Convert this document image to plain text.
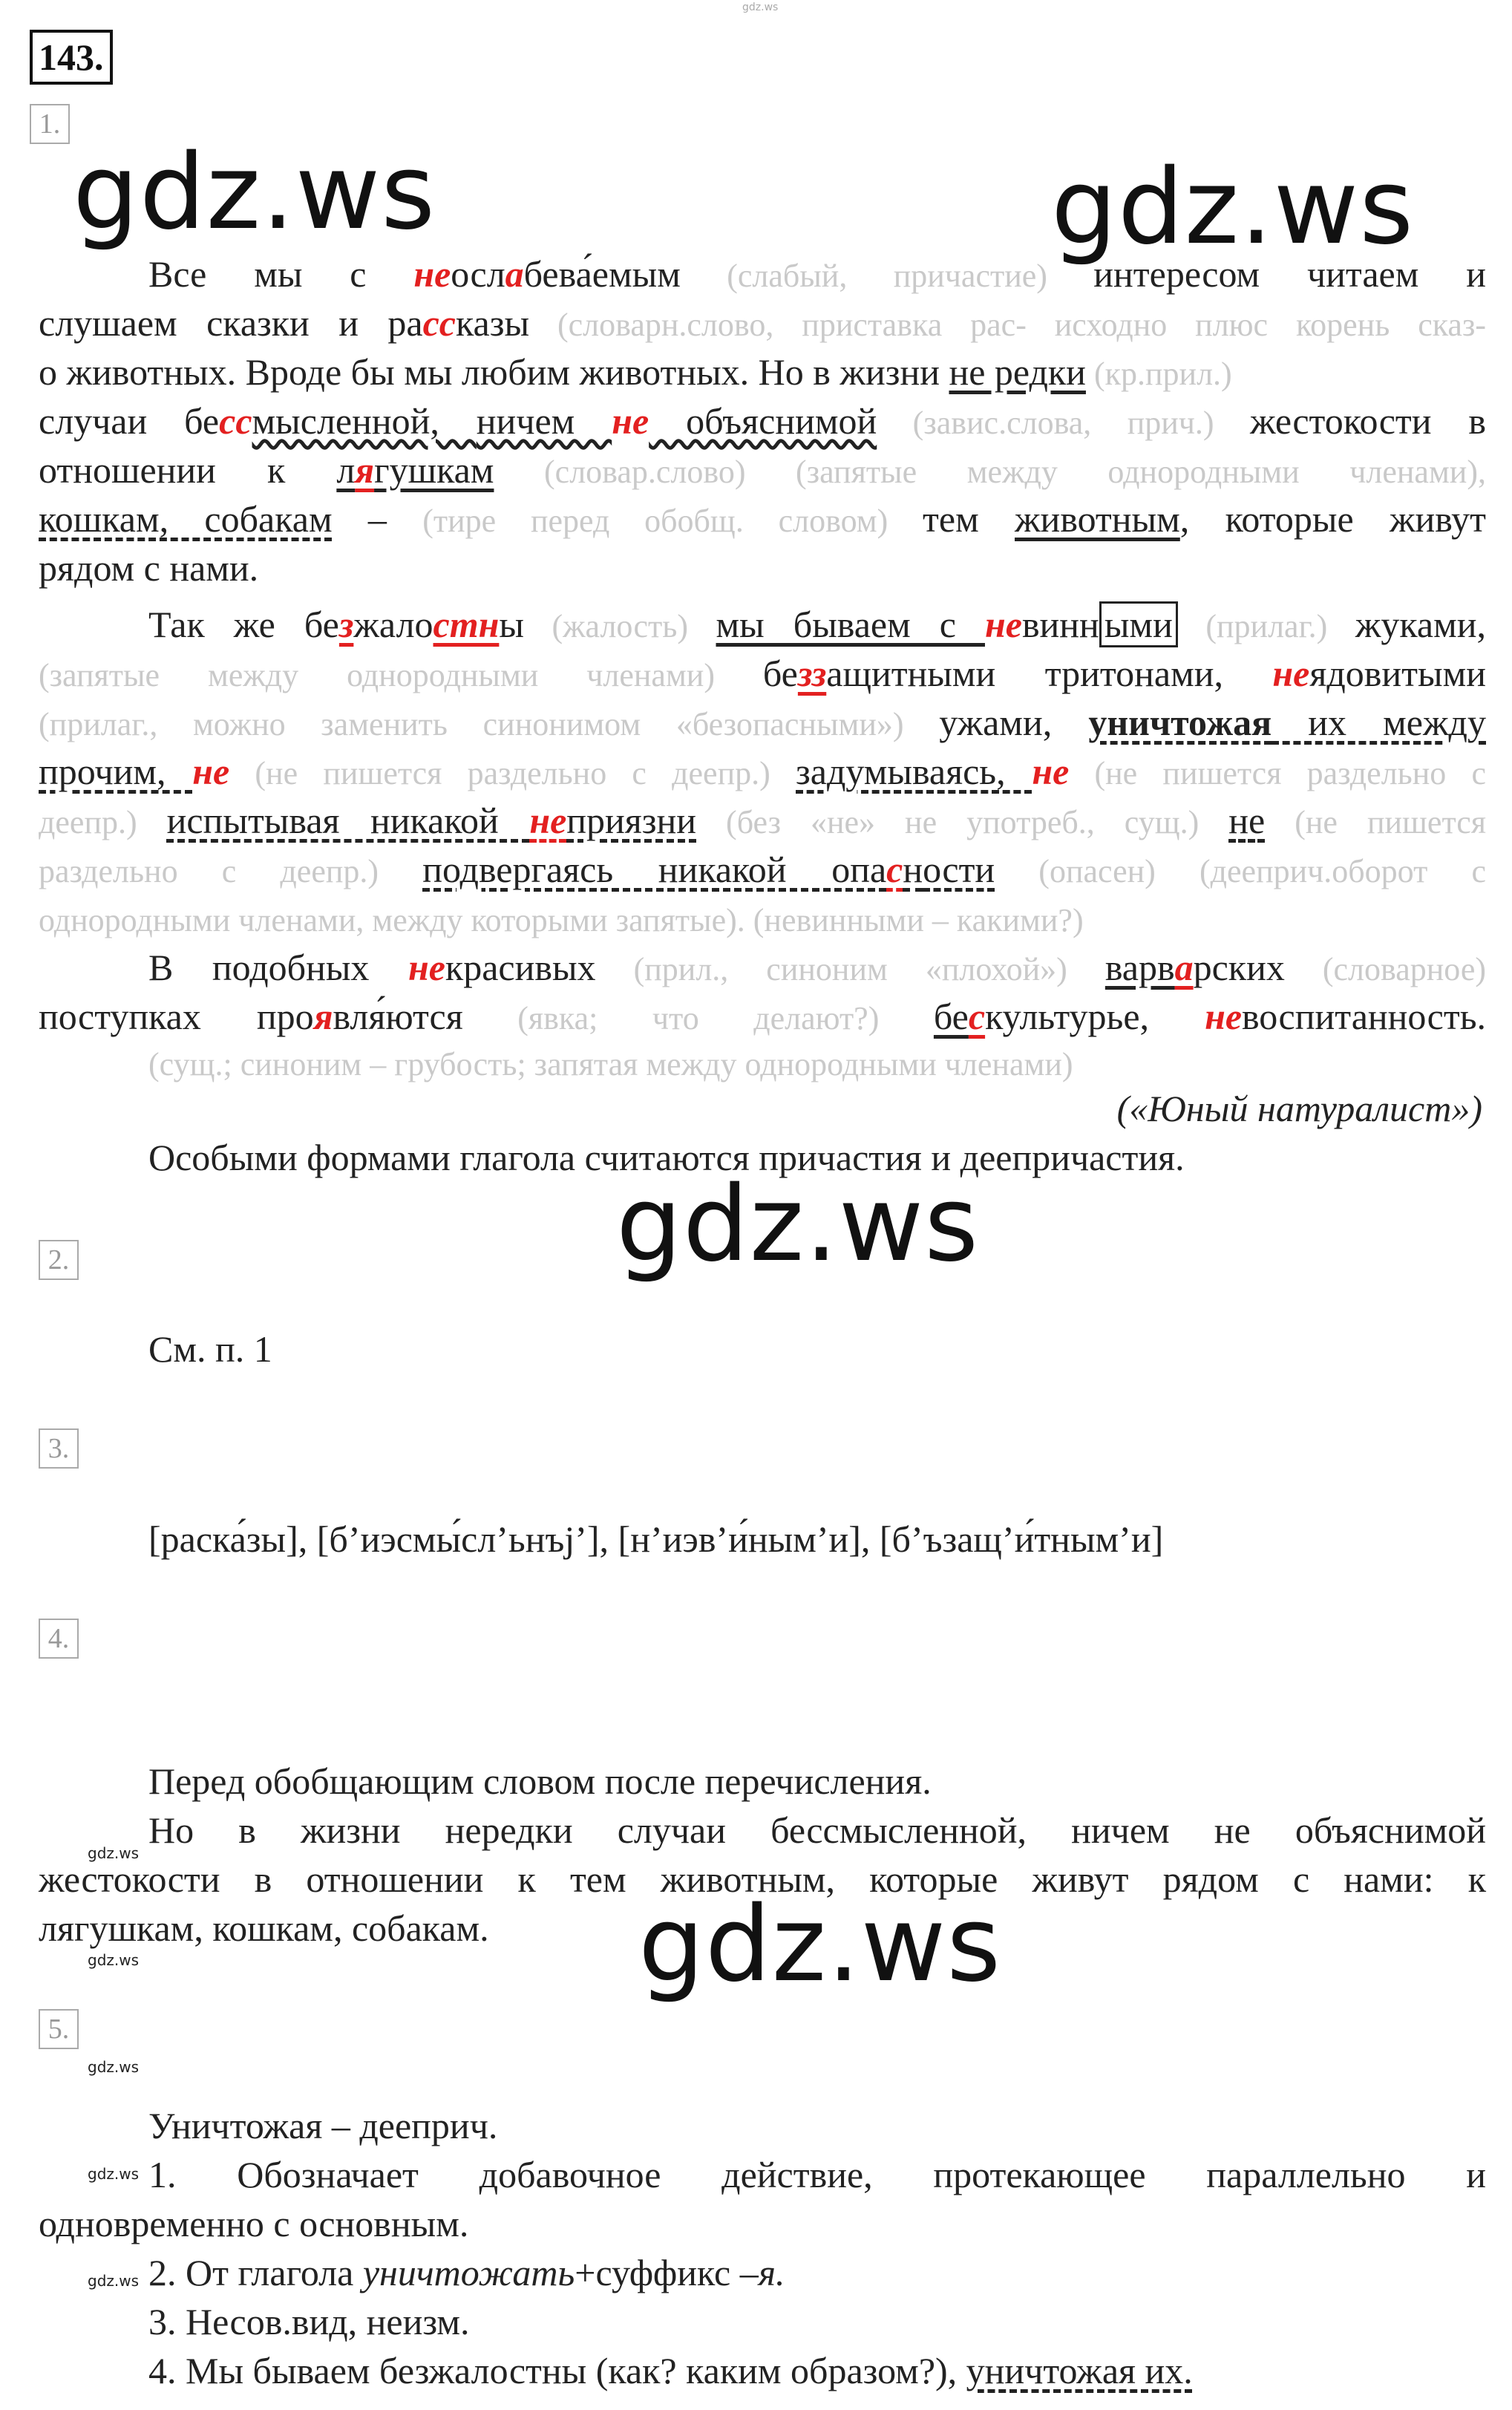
gdz.ws
143.
1.
gdz.ws	gdz.ws
Все мы с неослабева́емым (слабый, причастие) интересом читаем и
слушаем сказки и рассказы (словарн.слово, приставка рас- исходно плюс корень сказ-
о животных. Вроде бы мы любим животных. Но в жизни не редки (кр.прил.)
случаи бессмысленной, ничем не объяснимой (завис.слова, прич.) жестокости в
отношении к лягушкам (словар.слово) (запятые между однородными членами),
кошкам, собакам – (тире перед обобщ. словом) тем животным, которые живут
рядом с нами.
Так же безжалостны (жалость) мы бываем с невинн ыми (прилаг.) жуками,
(запятые между однородными членами) беззащитными тритонами, неядовитыми
(прилаг., можно заменить синонимом «безопасными») ужами, уничтожая их между
прочим, не (не пишется раздельно с деепр.) задумываясь, не (не пишется раздельно с
деепр.) испытывая никакой неприязни (без «не» не употреб., сущ.) не (не пишется
раздельно с деепр.) подвергаясь никакой опасности (опасен) (дееприч.оборот с
однородными членами, между которыми запятые). (невинными – какими?)
В подобных некрасивых (прил., синоним «плохой») варварских (словарное)
поступках проявля́ются (явка; что делают?) бескультурье, невоспитанность.
(сущ.; синоним – грубость; запятая между однородными членами)
(«Юный натуралист»)
Особыми формами глагола считаются причастия и деепричастия.
gdz.ws
2.
См. п. 1
3.
[раска́зы], [б’иэсмы́сл’ьнъj’], [н’иэв’и́ным’и], [б’ъзащ’и́тным’и]
4.
Перед обобщающим словом после перечисления.
gdz.ws
Но в жизни нередки случаи бессмысленной, ничем не объяснимой
жестокости в отношении к тем животным, которые живут рядом с нами: к
лягушкам, кошкам, собакам.
gdz.ws	gdz.ws
5.
gdz.ws
Уничтожая – дееприч.
gdz.ws 1. Обозначает добавочное действие, протекающее параллельно и
одновременно с основным.
gdz.ws 2. От глагола уничтожать+суффикс –я.
3. Несов.вид, неизм.
4. Мы бываем безжалостны (как? каким образом?), уничтожая их.
